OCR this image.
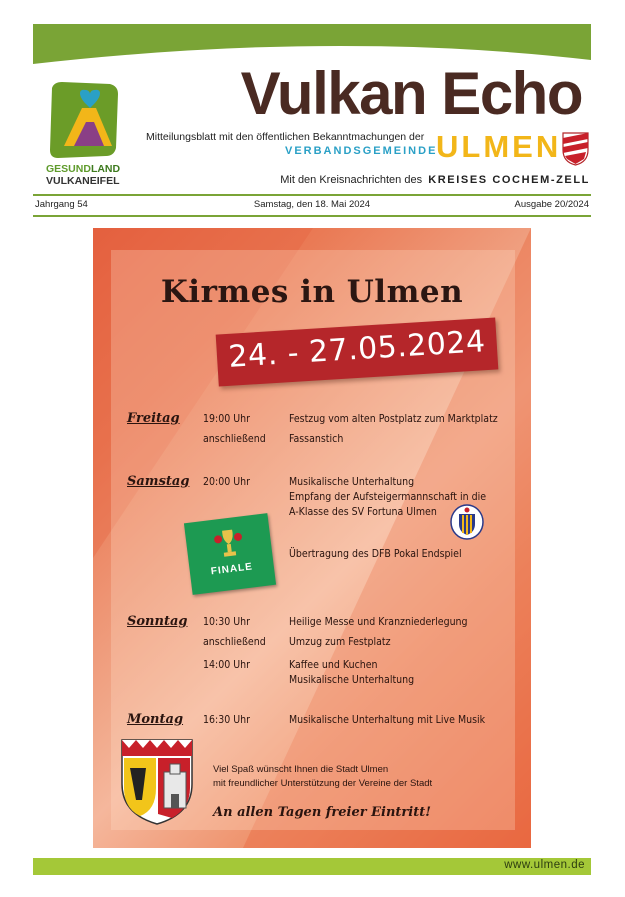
GESUNDLAND
VULKANEIFEL
Vulkan Echo
Mitteilungsblatt mit den öffentlichen Bekanntmachungen der
VERBANDSGEMEINDE
ULMEN
Mit den Kreisnachrichten des KREISES COCHEM-ZELL
Jahrgang 54	Samstag, den 18. Mai 2024	Ausgabe 20/2024
Kirmes in Ulmen
24. - 27.05.2024
Freitag 19:00 Uhr	Festzug vom alten Postplatz zum Marktplatz
anschließend Fassanstich
Samstag 20:00 Uhr	Musikalische Unterhaltung
Empfang der Aufsteigermannschaft in die
A-Klasse des SV Fortuna Ulmen
Übertragung des DFB Pokal Endspiel
FINALE
Sonntag 10:30 Uhr	Heilige Messe und Kranzniederlegung
anschließend Umzug zum Festplatz
14:00 Uhr	Kaffee und Kuchen
Musikalische Unterhaltung
Montag 16:30 Uhr	Musikalische Unterhaltung mit Live Musik
Viel Spaß wünscht Ihnen die Stadt Ulmen
mit freundlicher Unterstützung der Vereine der Stadt
An allen Tagen freier Eintritt!
www.ulmen.de
